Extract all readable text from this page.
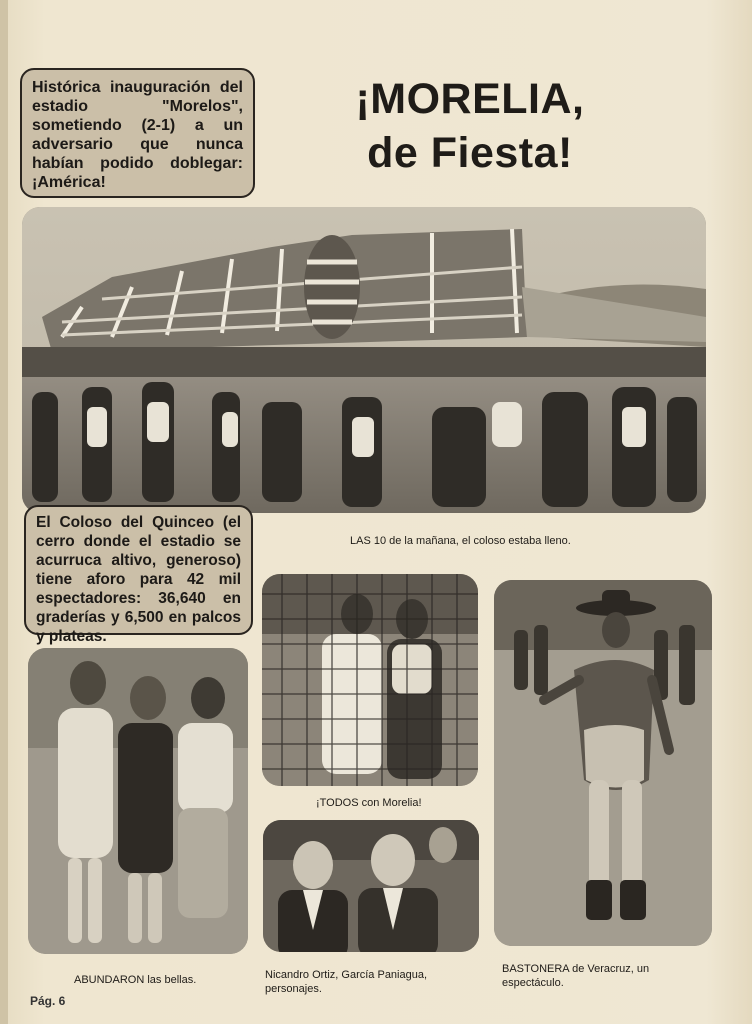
Histórica inauguración del estadio "Morelos", sometiendo (2-1) a un adversario que nunca habían podido doblegar: ¡América!
¡MORELIA,
de Fiesta!
El Coloso del Quinceo (el cerro donde el estadio se acurruca altivo, generoso) tiene aforo para 42 mil espectadores: 36,640 en graderías y 6,500 en palcos y plateas.
LAS 10 de la mañana, el coloso estaba lleno.
¡TODOS con Morelia!
ABUNDARON las bellas.	Nicandro Ortiz, García Paniagua, personajes.
BASTONERA de Veracruz, un espectáculo.
Pág. 6
